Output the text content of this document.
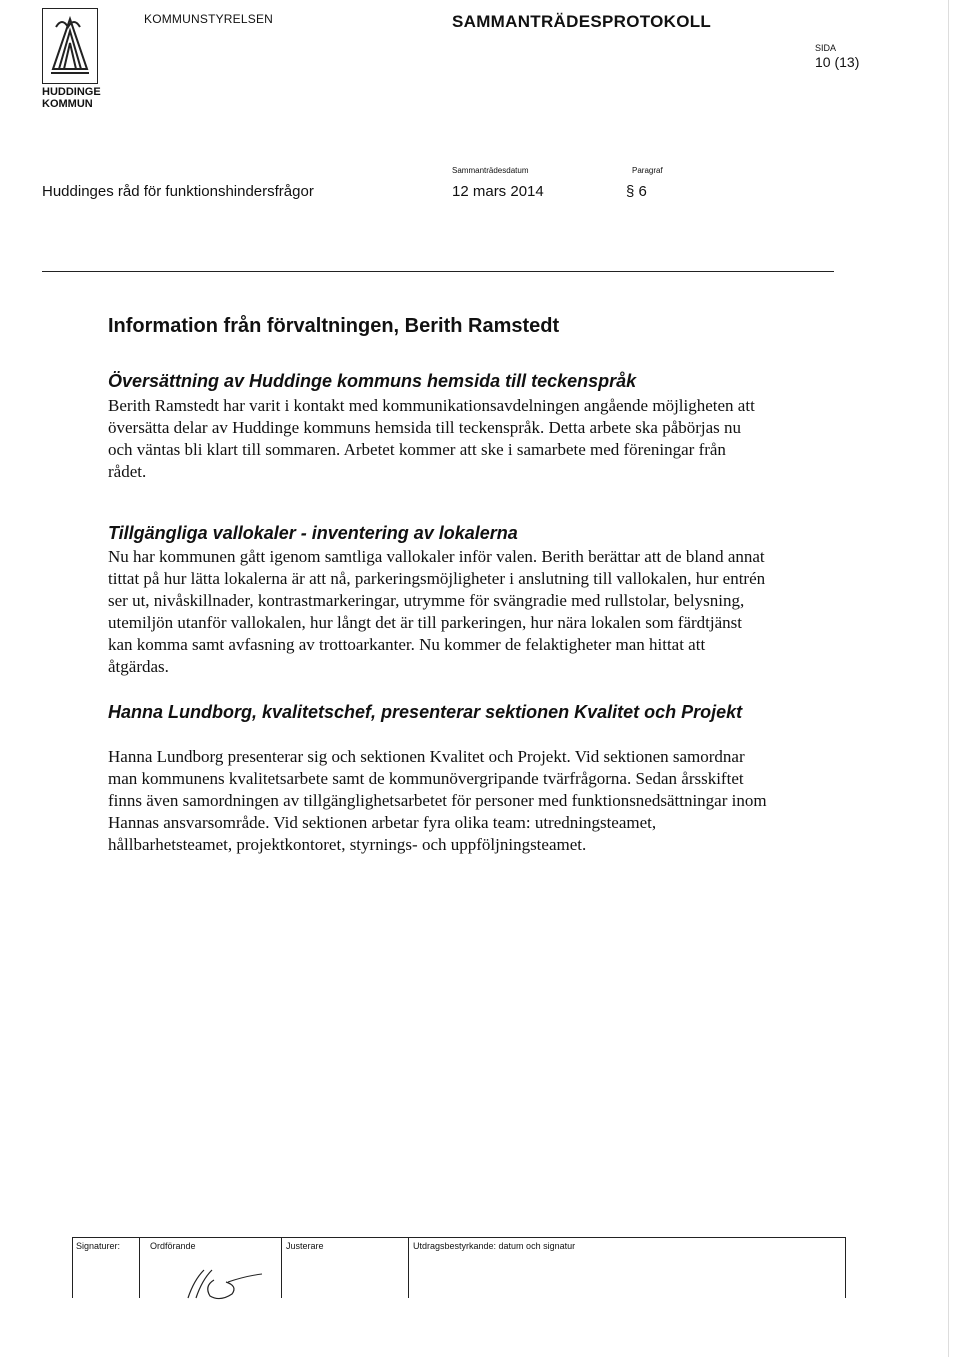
HUDDINGE KOMMUN
KOMMUNSTYRELSEN	SAMMANTRÄDESPROTOKOLL
SIDA
10 (13)
Huddinges råd för funktionshindersfrågor
Sammanträdesdatum
12 mars 2014
Paragraf
§ 6
Information från förvaltningen, Berith Ramstedt
Översättning av Huddinge kommuns hemsida till teckenspråk
Berith Ramstedt har varit i kontakt med kommunikationsavdelningen angående möjligheten att översätta delar av Huddinge kommuns hemsida till teckenspråk. Detta arbete ska påbörjas nu och väntas bli klart till sommaren. Arbetet kommer att ske i samarbete med föreningar från rådet.
Tillgängliga vallokaler - inventering av lokalerna
Nu har kommunen gått igenom samtliga vallokaler inför valen. Berith berättar att de bland annat tittat på hur lätta lokalerna är att nå, parkeringsmöjligheter i anslutning till vallokalen, hur entrén ser ut, nivåskillnader, kontrastmarkeringar, utrymme för svängradie med rullstolar, belysning, utemiljön utanför vallokalen, hur långt det är till parkeringen, hur nära lokalen som färdtjänst kan komma samt avfasning av trottoarkanter. Nu kommer de felaktigheter man hittat att åtgärdas.
Hanna Lundborg, kvalitetschef, presenterar sektionen Kvalitet och Projekt
Hanna Lundborg presenterar sig och sektionen Kvalitet och Projekt. Vid sektionen samordnar man kommunens kvalitetsarbete samt de kommunövergripande tvärfrågorna. Sedan årsskiftet finns även samordningen av tillgänglighetsarbetet för personer med funktionsnedsättningar inom Hannas ansvarsområde. Vid sektionen arbetar fyra olika team: utredningsteamet, hållbarhetsteamet, projektkontoret, styrnings- och uppföljningsteamet.
Signaturer:	Ordförande	Justerare	Utdragsbestyrkande: datum och signatur
